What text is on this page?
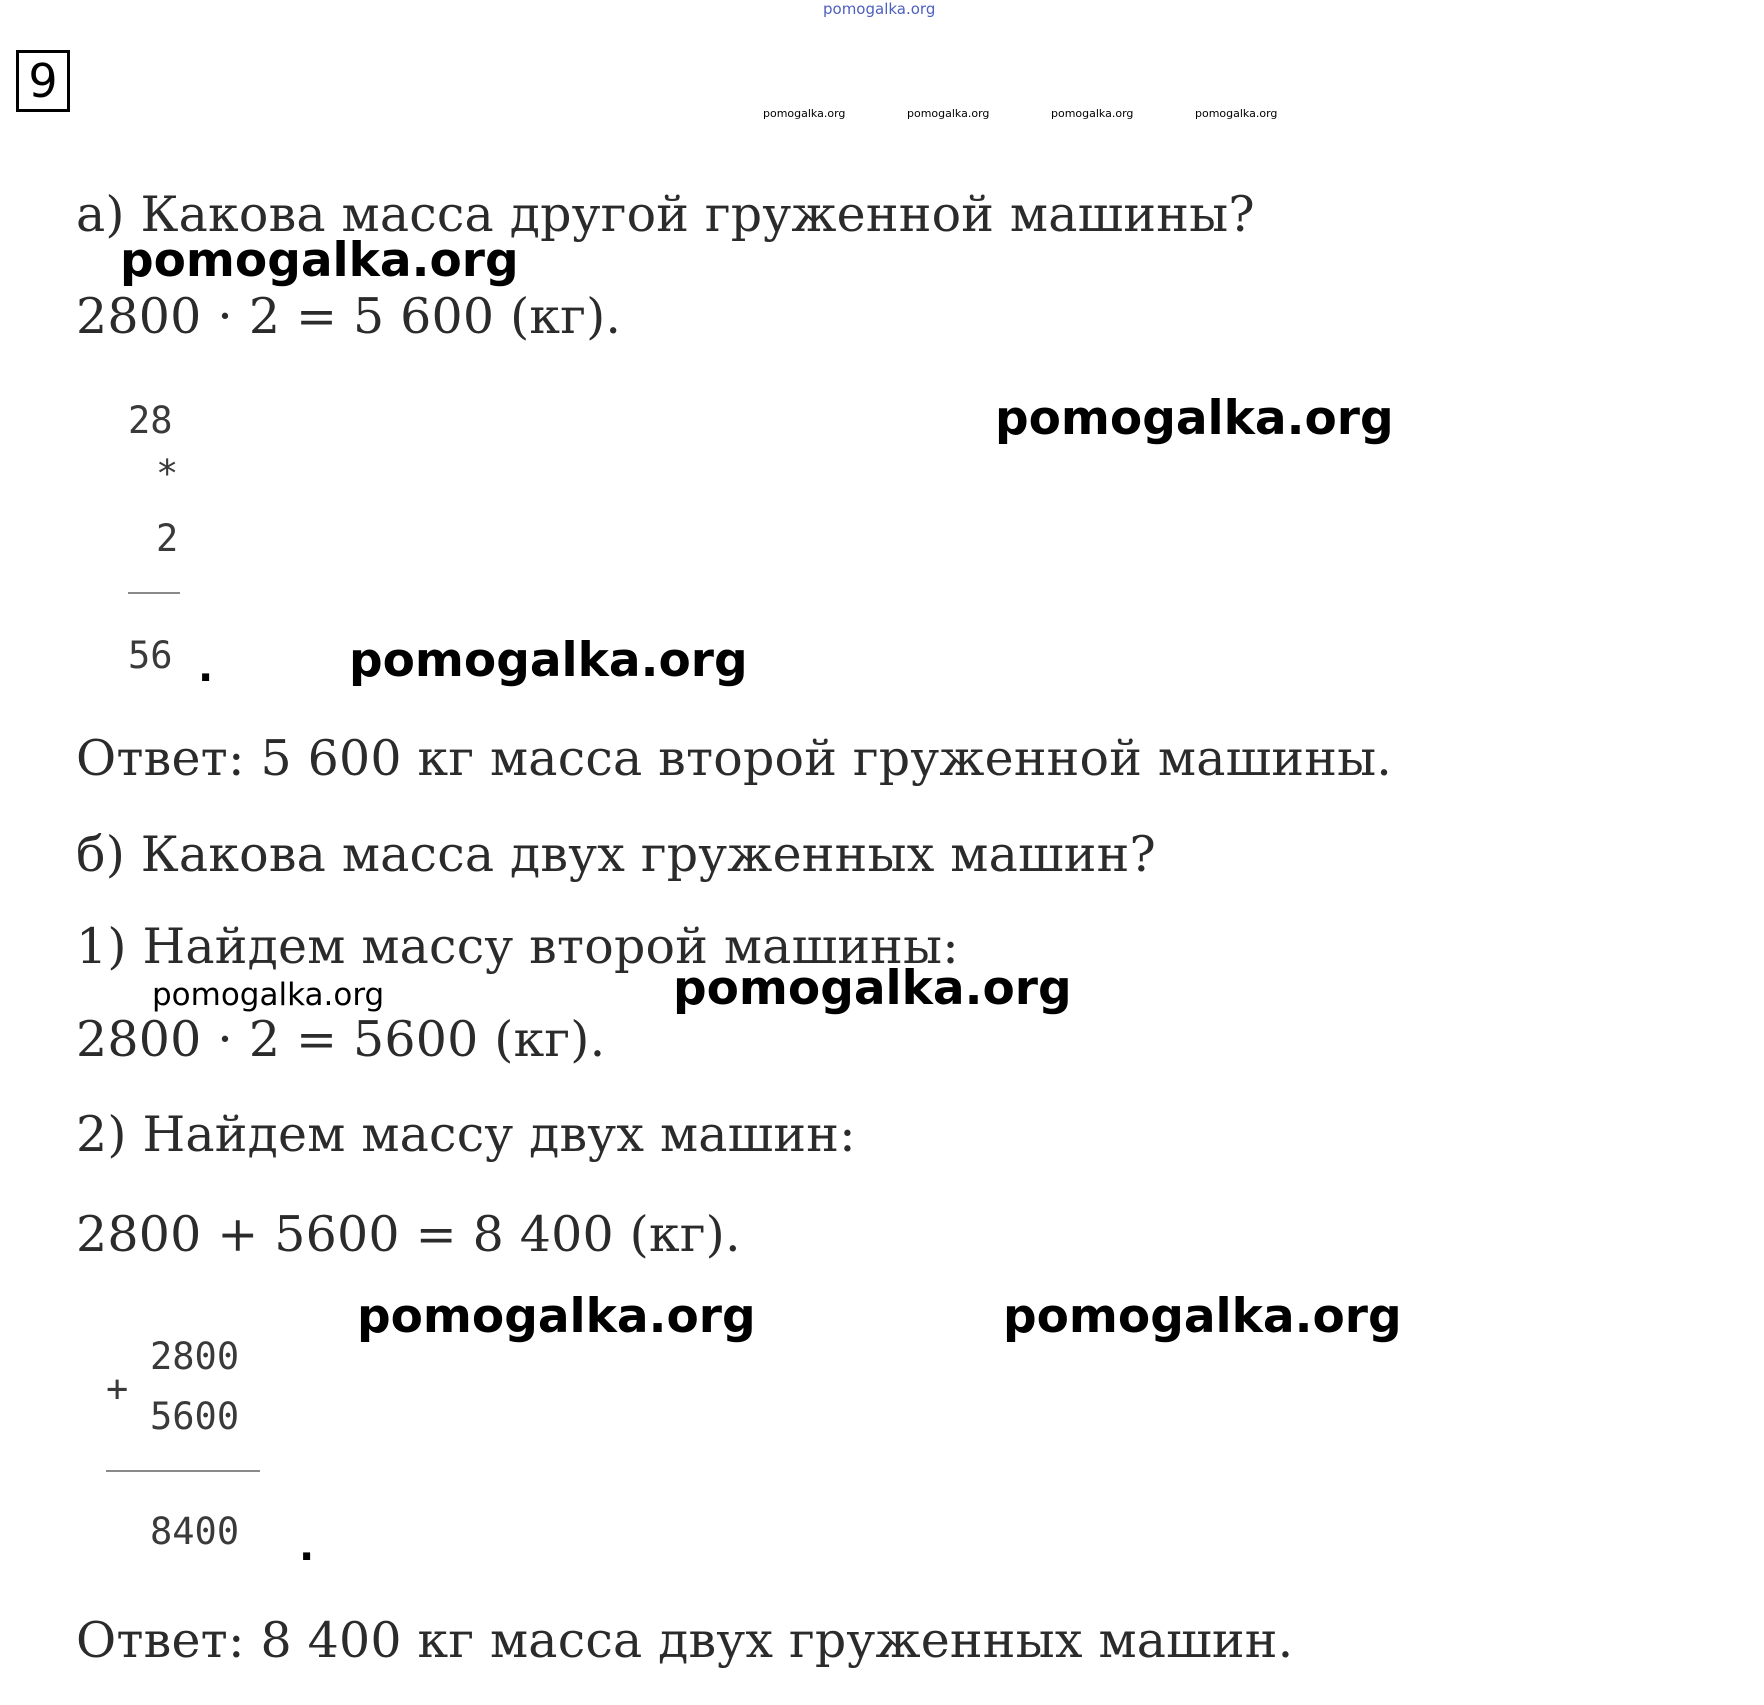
pomogalka.org
9
pomogalka.org	pomogalka.org	pomogalka.org	pomogalka.org
а) Какова масса другой груженной машины?
pomogalka.org
2800 · 2 = 5 600 (кг).
28
*
2
56 .
pomogalka.org
pomogalka.org
Ответ: 5 600 кг масса второй груженной машины.
б) Какова масса двух груженных машин?
1) Найдем массу второй машины:
pomogalka.org	pomogalka.org
2800 · 2 = 5600 (кг).
2) Найдем массу двух машин:
2800 + 5600 = 8 400 (кг).
pomogalka.org	pomogalka.org
+
2800
5600
8400 .
Ответ: 8 400 кг масса двух груженных машин.
